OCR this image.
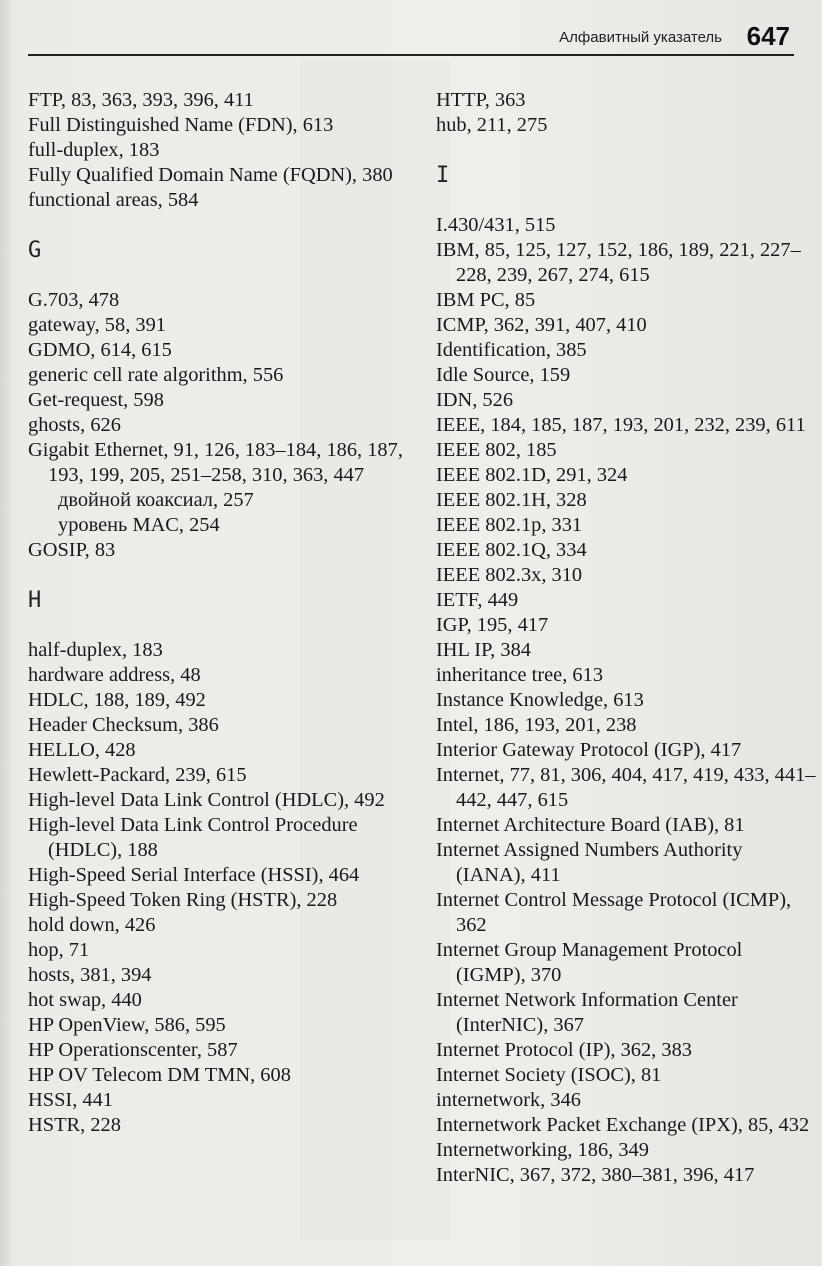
Алфавитный указатель 647
FTP, 83, 363, 393, 396, 411
Full Distinguished Name (FDN), 613
full-duplex, 183
Fully Qualified Domain Name (FQDN), 380
functional areas, 584
G
G.703, 478
gateway, 58, 391
GDMO, 614, 615
generic cell rate algorithm, 556
Get-request, 598
ghosts, 626
Gigabit Ethernet, 91, 126, 183–184, 186, 187, 193, 199, 205, 251–258, 310, 363, 447
двойной коаксиал, 257
уровень MAC, 254
GOSIP, 83
H
half-duplex, 183
hardware address, 48
HDLC, 188, 189, 492
Header Checksum, 386
HELLO, 428
Hewlett-Packard, 239, 615
High-level Data Link Control (HDLC), 492
High-level Data Link Control Procedure (HDLC), 188
High-Speed Serial Interface (HSSI), 464
High-Speed Token Ring (HSTR), 228
hold down, 426
hop, 71
hosts, 381, 394
hot swap, 440
HP OpenView, 586, 595
HP Operationscenter, 587
HP OV Telecom DM TMN, 608
HSSI, 441
HSTR, 228
HTTP, 363
hub, 211, 275
I
I.430/431, 515
IBM, 85, 125, 127, 152, 186, 189, 221, 227–228, 239, 267, 274, 615
IBM PC, 85
ICMP, 362, 391, 407, 410
Identification, 385
Idle Source, 159
IDN, 526
IEEE, 184, 185, 187, 193, 201, 232, 239, 611
IEEE 802, 185
IEEE 802.1D, 291, 324
IEEE 802.1H, 328
IEEE 802.1p, 331
IEEE 802.1Q, 334
IEEE 802.3x, 310
IETF, 449
IGP, 195, 417
IHL IP, 384
inheritance tree, 613
Instance Knowledge, 613
Intel, 186, 193, 201, 238
Interior Gateway Protocol (IGP), 417
Internet, 77, 81, 306, 404, 417, 419, 433, 441–442, 447, 615
Internet Architecture Board (IAB), 81
Internet Assigned Numbers Authority (IANA), 411
Internet Control Message Protocol (ICMP), 362
Internet Group Management Protocol (IGMP), 370
Internet Network Information Center (InterNIC), 367
Internet Protocol (IP), 362, 383
Internet Society (ISOC), 81
internetwork, 346
Internetwork Packet Exchange (IPX), 85, 432
Internetworking, 186, 349
InterNIC, 367, 372, 380–381, 396, 417
